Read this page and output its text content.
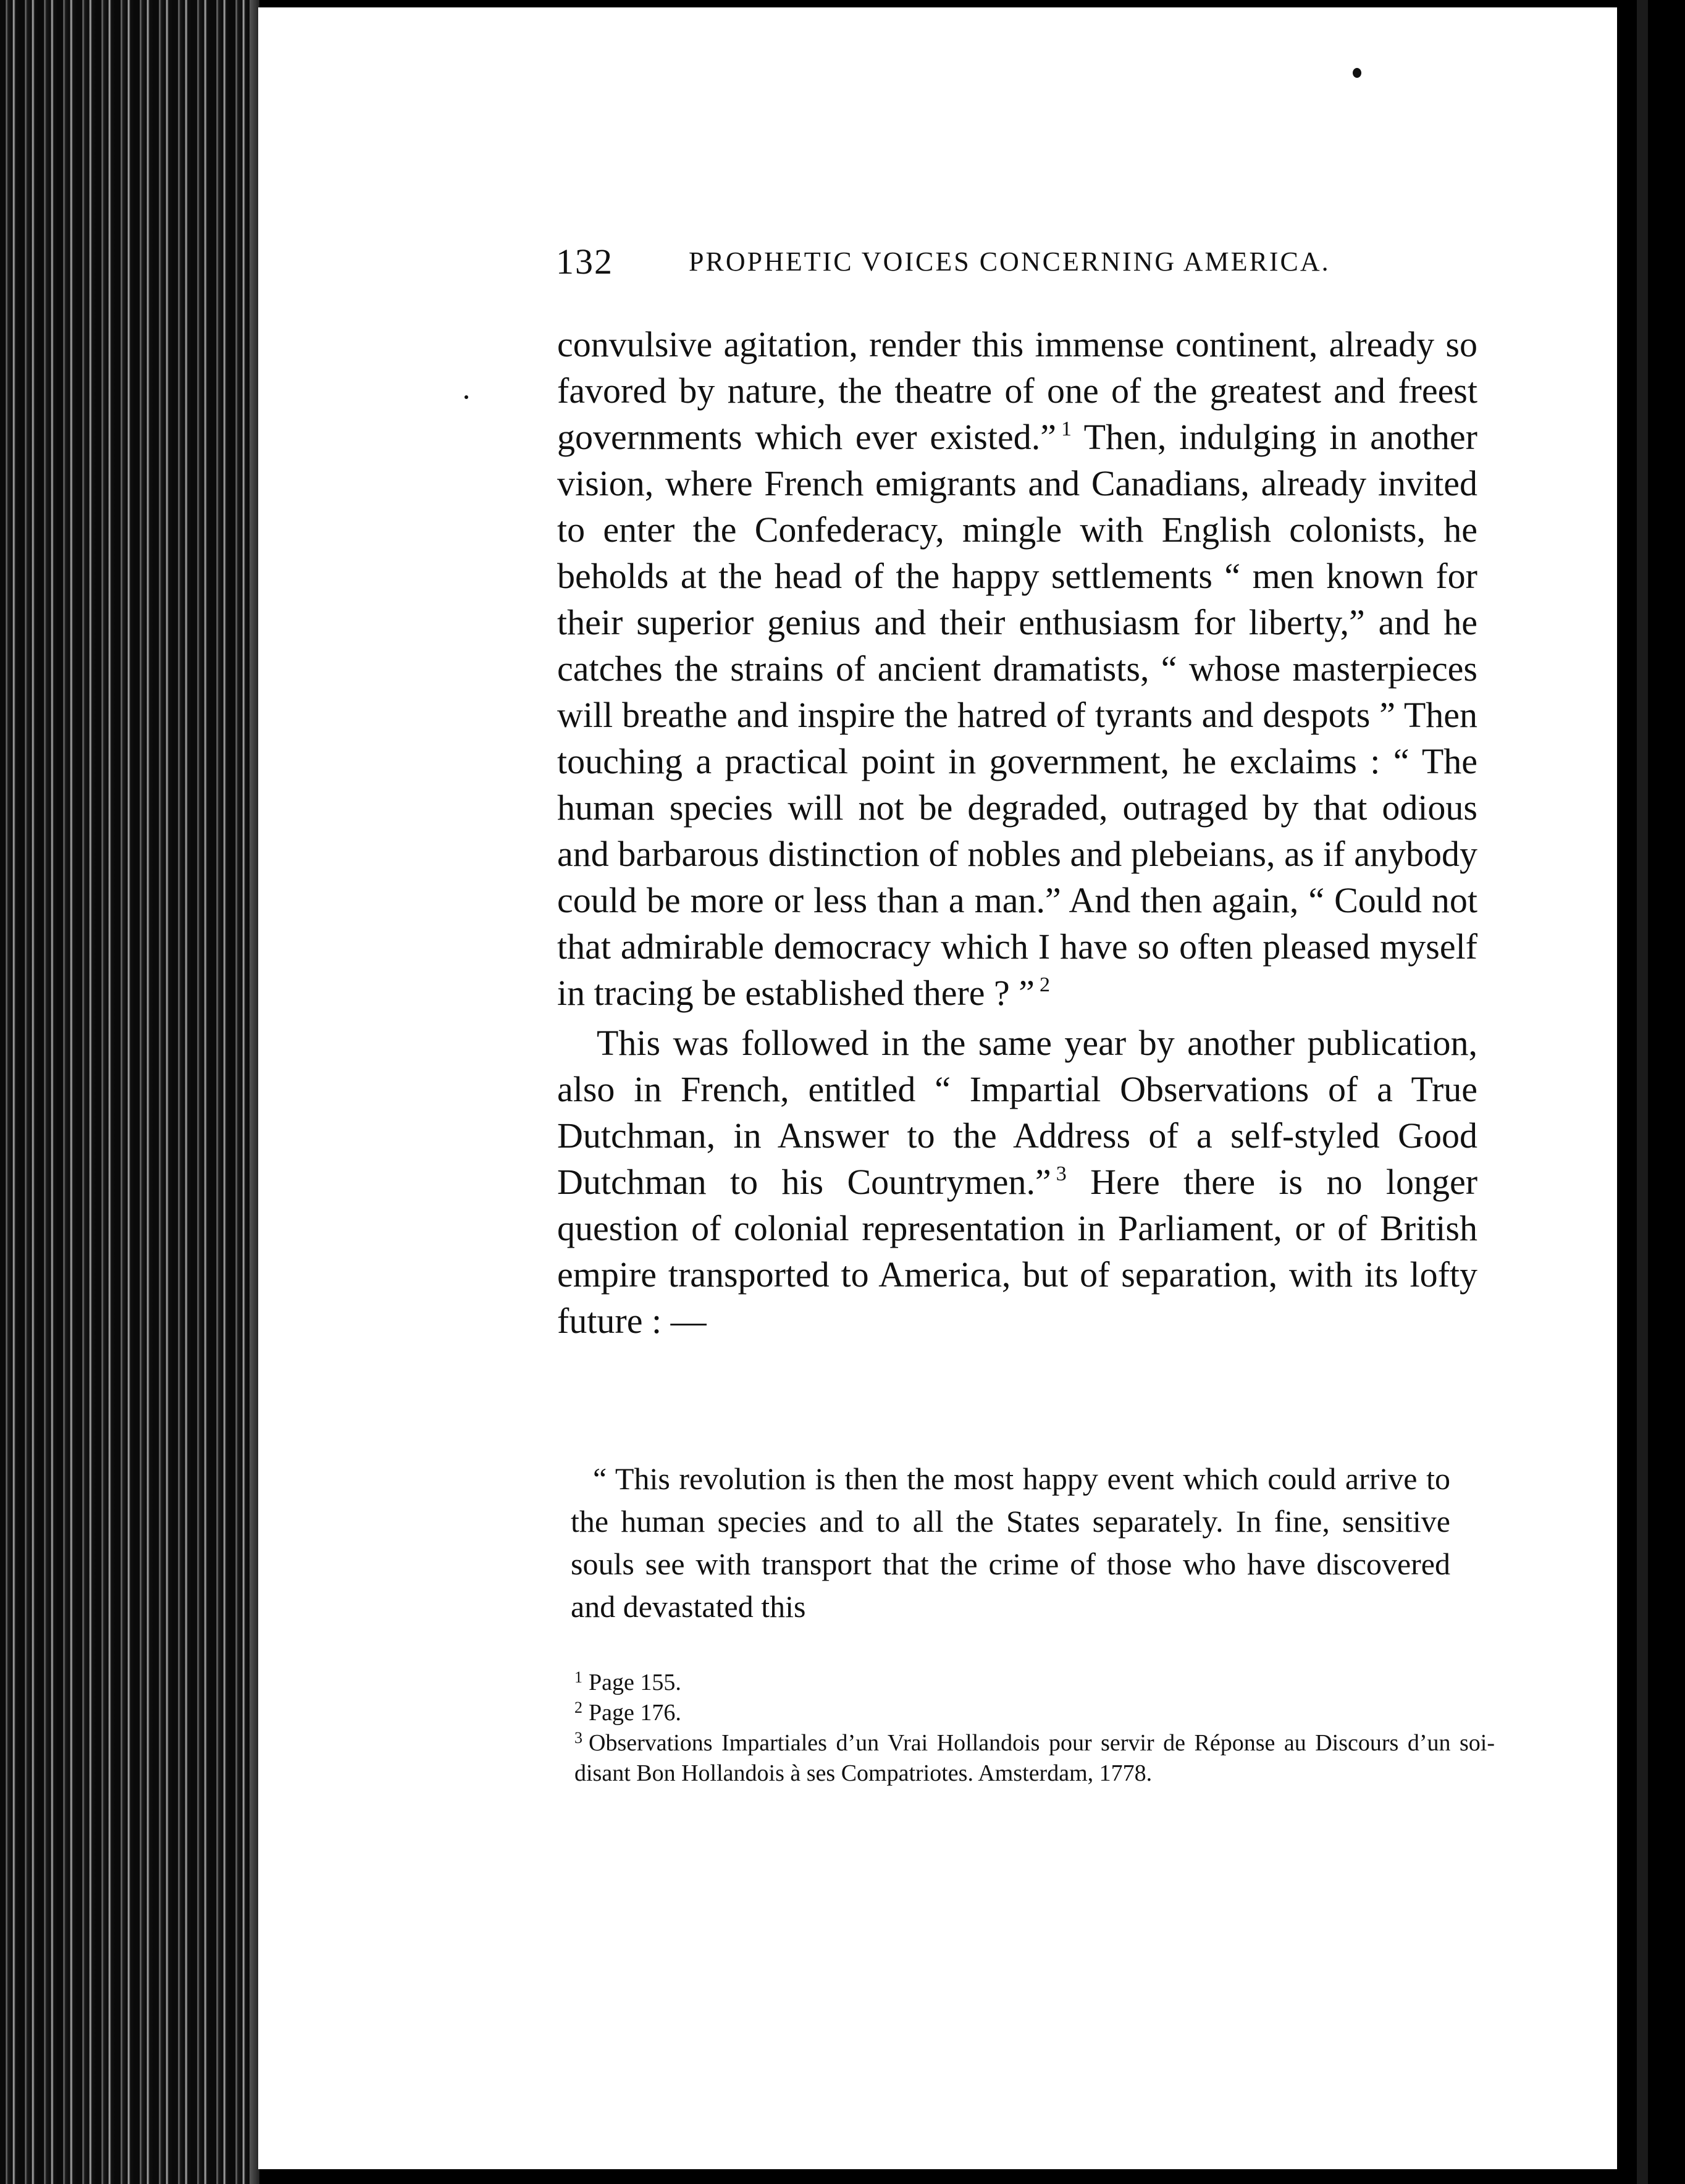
132	PROPHETIC VOICES CONCERNING AMERICA.

convulsive agitation, render this immense continent, already so favored by nature, the theatre of one of the greatest and freest governments which ever existed.” $^1$ Then, indulging in another vision, where French emigrants and Canadians, already invited to enter the Confederacy, mingle with English colonists, he beholds at the head of the happy settlements “ men known for their superior genius and their enthusiasm for liberty,” and he catches the strains of ancient dramatists, “ whose masterpieces will breathe and inspire the hatred of tyrants and despots ” Then touching a practical point in government, he exclaims : “ The human species will not be degraded, outraged by that odious and barbarous distinction of nobles and plebeians, as if anybody could be more or less than a man.” And then again, “ Could not that admirable democracy which I have so often pleased myself in tracing be established there ? ” $^2$

This was followed in the same year by another publication, also in French, entitled “ Impartial Observations of a True Dutchman, in Answer to the Address of a self-styled Good Dutchman to his Countrymen.” $^3$ Here there is no longer question of colonial representation in Parliament, or of British empire transported to America, but of separation, with its lofty future : —

“ This revolution is then the most happy event which could arrive to the human species and to all the States separately. In fine, sensitive souls see with transport that the crime of those who have discovered and devastated this
$^1$ Page 155.
$^2$ Page 176.
$^3$ Observations Impartiales d’un Vrai Hollandois pour servir de Réponse au Discours d’un soi-disant Bon Hollandois à ses Compatriotes. Amsterdam, 1778.
